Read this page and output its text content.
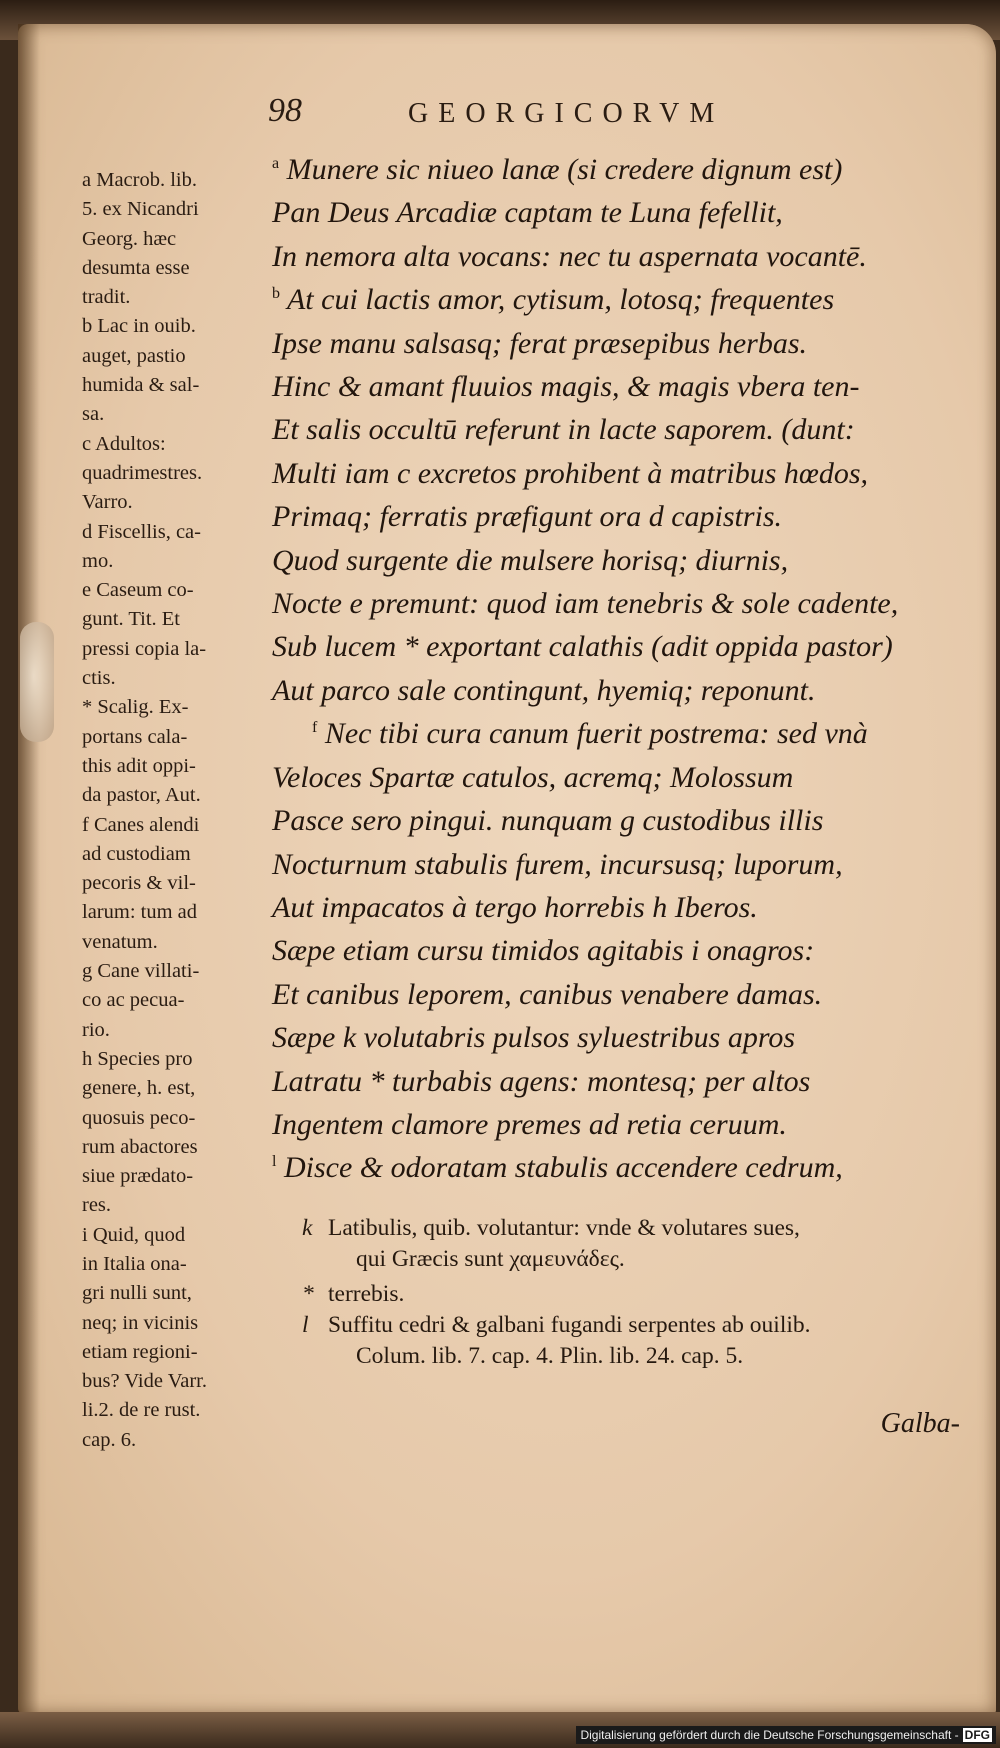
98	GEORGICORVM
a Macrob. lib.
5. ex Nicandri
Georg. hæc
desumta esse
tradit.
b Lac in ouib.
auget, pastio
humida & sal-
sa.
c Adultos:
quadrimestres.
Varro.
d Fiscellis, ca-
mo.
e Caseum co-
gunt. Tit. Et
pressi copia la-
ctis.
* Scalig. Ex-
portans cala-
this adit oppi-
da pastor, Aut.
f Canes alendi
ad custodiam
pecoris & vil-
larum: tum ad
venatum.
g Cane villati-
co ac pecua-
rio.
h Species pro
genere, h. est,
quosuis peco-
rum abactores
siue prædato-
res.
i Quid, quod
in Italia ona-
gri nulli sunt,
neq; in vicinis
etiam regioni-
bus? Vide Varr.
li.2. de re rust.
cap. 6.
$^a$ Munere sic niueo lanæ (si credere dignum est)
Pan Deus Arcadiæ captam te Luna fefellit,
In nemora alta vocans: nec tu aspernata vocantē.
$^b$ At cui lactis amor, cytisum, lotosq; frequentes
Ipse manu salsasq; ferat præsepibus herbas.
Hinc & amant fluuios magis, & magis vbera ten-
Et salis occultū referunt in lacte saporem. (dunt:
Multi iam c excretos prohibent à matribus hœdos,
Primaq; ferratis præfigunt ora d capistris.
Quod surgente die mulsere horisq; diurnis,
Nocte e premunt: quod iam tenebris & sole cadente,
Sub lucem * exportant calathis (adit oppida pastor)
Aut parco sale contingunt, hyemiq; reponunt.
$^f$ Nec tibi cura canum fuerit postrema: sed vnà
Veloces Spartæ catulos, acremq; Molossum
Pasce sero pingui. nunquam g custodibus illis
Nocturnum stabulis furem, incursusq; luporum,
Aut impacatos à tergo horrebis h Iberos.
Sæpe etiam cursu timidos agitabis i onagros:
Et canibus leporem, canibus venabere damas.
Sæpe k volutabris pulsos syluestribus apros
Latratu * turbabis agens: montesq; per altos
Ingentem clamore premes ad retia ceruum.
$^l$ Disce & odoratam stabulis accendere cedrum,
k Latibulis, quib. volutantur: vnde & volutares sues,
qui Græcis sunt χαμευνάδες.
* terrebis.
l Suffitu cedri & galbani fugandi serpentes ab ouilib.
Colum. lib. 7. cap. 4. Plin. lib. 24. cap. 5.
Galba-
Digitalisierung gefördert durch die Deutsche Forschungsgemeinschaft - DFG
